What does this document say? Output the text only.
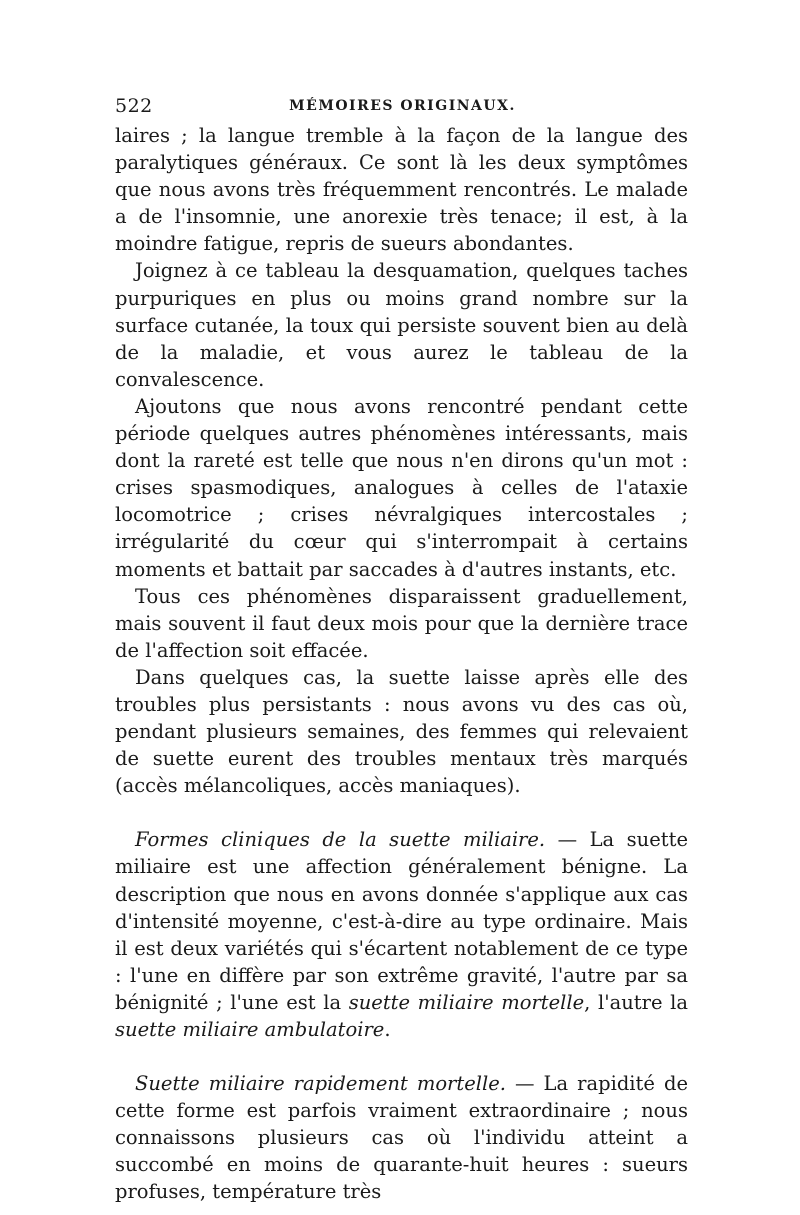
522	MÉMOIRES ORIGINAUX.

laires ; la langue tremble à la façon de la langue des paralytiques généraux. Ce sont là les deux symptômes que nous avons très fréquemment rencontrés. Le malade a de l'insomnie, une anorexie très tenace; il est, à la moindre fatigue, repris de sueurs abondantes.

Joignez à ce tableau la desquamation, quelques taches purpuriques en plus ou moins grand nombre sur la surface cutanée, la toux qui persiste souvent bien au delà de la maladie, et vous aurez le tableau de la convalescence.

Ajoutons que nous avons rencontré pendant cette période quelques autres phénomènes intéressants, mais dont la rareté est telle que nous n'en dirons qu'un mot : crises spasmodiques, analogues à celles de l'ataxie locomotrice ; crises névralgiques intercostales ; irrégularité du cœur qui s'interrompait à certains moments et battait par saccades à d'autres instants, etc.

Tous ces phénomènes disparaissent graduellement, mais souvent il faut deux mois pour que la dernière trace de l'affection soit effacée.

Dans quelques cas, la suette laisse après elle des troubles plus persistants : nous avons vu des cas où, pendant plusieurs semaines, des femmes qui relevaient de suette eurent des troubles mentaux très marqués (accès mélancoliques, accès maniaques).

Formes cliniques de la suette miliaire. — La suette miliaire est une affection généralement bénigne. La description que nous en avons donnée s'applique aux cas d'intensité moyenne, c'est-à-dire au type ordinaire. Mais il est deux variétés qui s'écartent notablement de ce type : l'une en diffère par son extrême gravité, l'autre par sa bénignité ; l'une est la suette miliaire mortelle, l'autre la suette miliaire ambulatoire.

Suette miliaire rapidement mortelle. — La rapidité de cette forme est parfois vraiment extraordinaire ; nous connaissons plusieurs cas où l'individu atteint a succombé en moins de quarante-huit heures : sueurs profuses, température très
